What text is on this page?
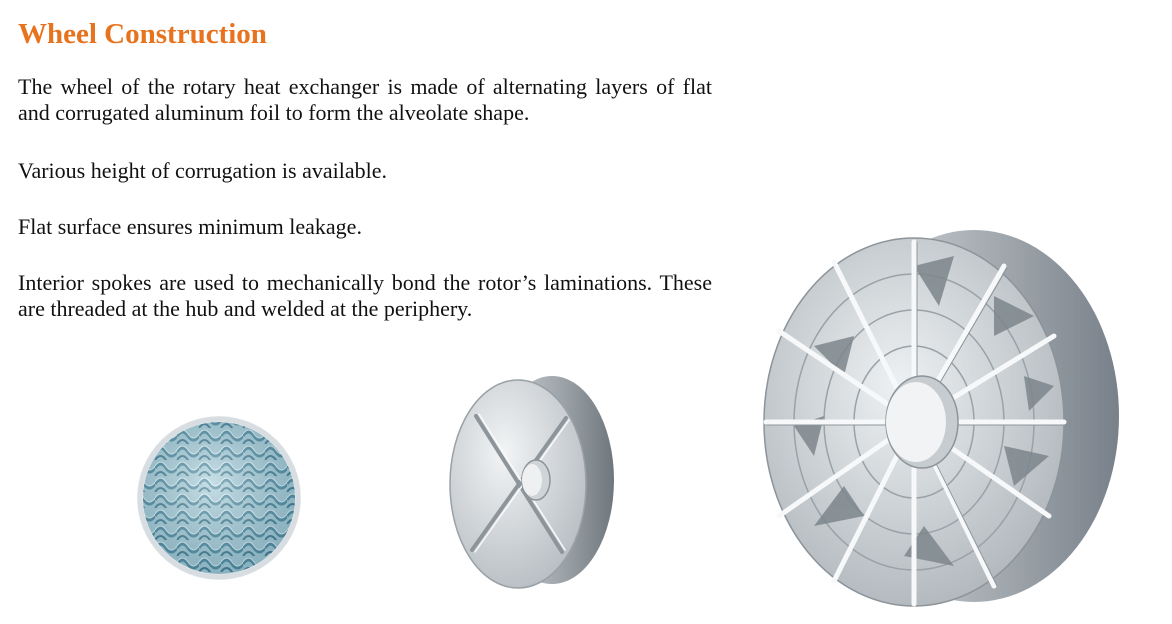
Wheel Construction

The wheel of the rotary heat exchanger is made of alternating layers of flat and corrugated aluminum foil to form the alveolate shape.

Various height of corrugation is available.

Flat surface ensures minimum leakage.

Interior spokes are used to mechanically bond the rotor’s laminations. These are threaded at the hub and welded at the periphery.
